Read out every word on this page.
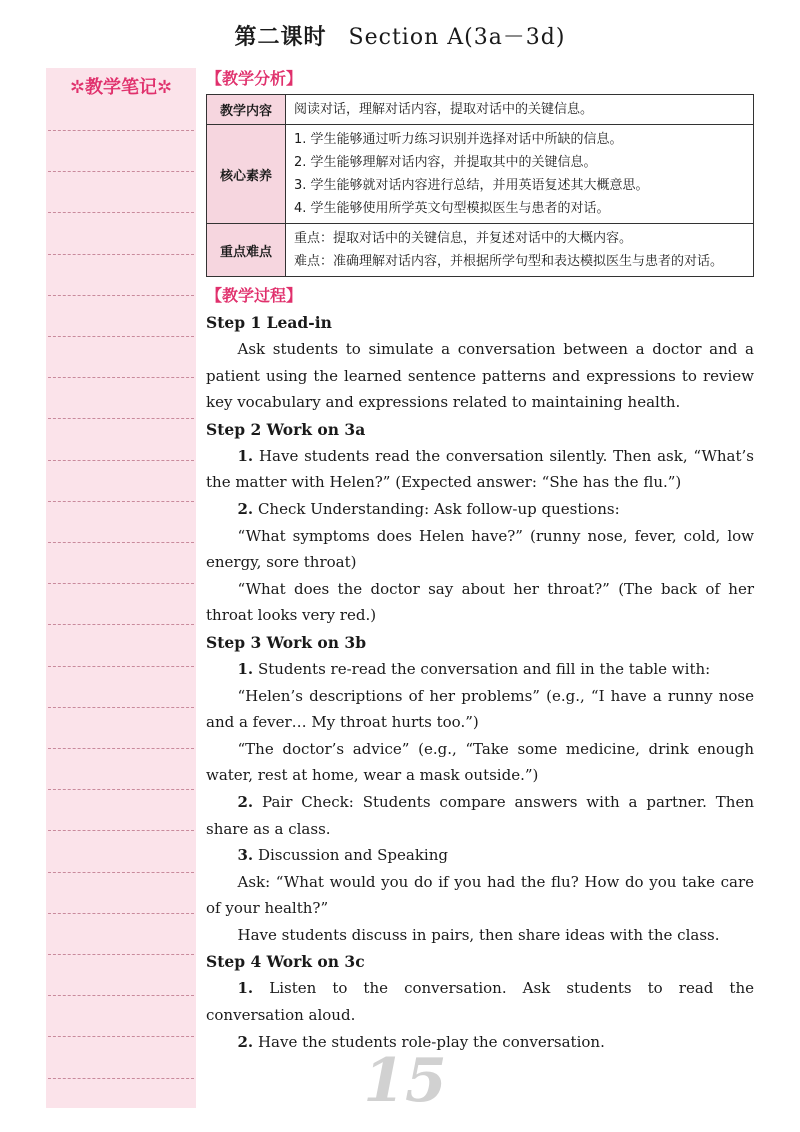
第二课时 Section A(3a－3d)
✲教学笔记✲	【教学分析】
教学内容	阅读对话，理解对话内容，提取对话中的关键信息。

核心素养	1. 学生能够通过听力练习识别并选择对话中所缺的信息。
2. 学生能够理解对话内容，并提取其中的关键信息。
3. 学生能够就对话内容进行总结，并用英语复述其大概意思。
4. 学生能够使用所学英文句型模拟医生与患者的对话。

重点难点	重点：提取对话中的关键信息，并复述对话中的大概内容。
难点：准确理解对话内容，并根据所学句型和表达模拟医生与患者的对话。
【教学过程】
Step 1 Lead-in
Ask students to simulate a conversation between a doctor and a patient using the learned sentence patterns and expressions to review key vocabulary and expressions related to maintaining health.
Step 2 Work on 3a
1. Have students read the conversation silently. Then ask, “What’s the matter with Helen?” (Expected answer: “She has the flu.”)
2. Check Understanding: Ask follow-up questions:
“What symptoms does Helen have?” (runny nose, fever, cold, low energy, sore throat)
“What does the doctor say about her throat?” (The back of her throat looks very red.)
Step 3 Work on 3b
1. Students re-read the conversation and fill in the table with:
“Helen’s descriptions of her problems” (e.g., “I have a runny nose and a fever… My throat hurts too.”)
“The doctor’s advice” (e.g., “Take some medicine, drink enough water, rest at home, wear a mask outside.”)
2. Pair Check: Students compare answers with a partner. Then share as a class.
3. Discussion and Speaking
Ask: “What would you do if you had the flu? How do you take care of your health?”
Have students discuss in pairs, then share ideas with the class.
Step 4 Work on 3c
1. Listen to the conversation. Ask students to read the conversation aloud.
2. Have the students role-play the conversation.
15
